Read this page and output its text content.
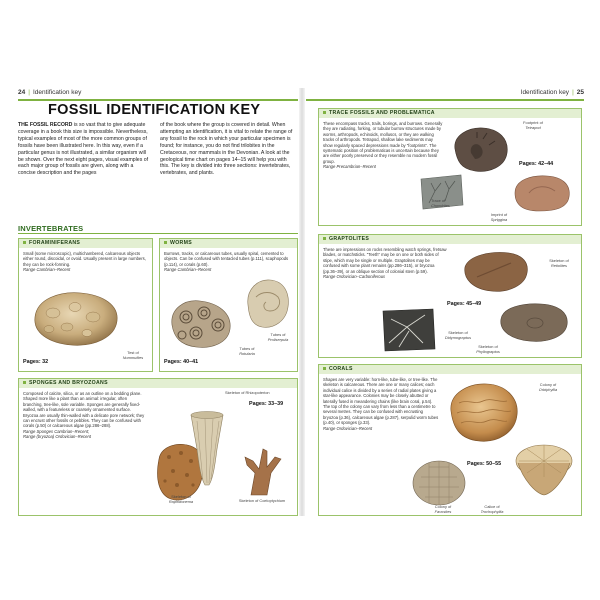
24 | Identification key
FOSSIL IDENTIFICATION KEY
THE FOSSIL RECORD is so vast that to give adequate coverage in a book this size is impossible. Nevertheless, typical examples of most of the more common groups of fossils have been illustrated here. In this way, even if a particular genus is not illustrated, a similar organism will be shown. Over the next eight pages, visual examples of each major group of fossils are given, along with a concise description and the pages
of the book where the group is covered in detail. When attempting an identification, it is vital to relate the range of any fossil to the rock in which your particular specimen is found; for instance, you do not find trilobites in the Cretaceous, nor mammals in the Devonian. A look at the geological time chart on pages 14–15 will help you with this. The key is divided into three sections: invertebrates, vertebrates, and plants.
INVERTEBRATES
FORAMINIFERANS
Small (some microscopic), multichambered, calcareous objects either round, discoidal, or ovoid. Usually present in large numbers, they can be rock-forming.
Range Cambrian–Recent
Pages: 32
Test of
Nummulites
WORMS
Burrows, tracks, or calcareous tubes, usually spiral, cemented to objects. Can be confused with tentacled tubes (p.111), scaphopods (p.114), or corals (p.60).
Range Cambrian–Recent
Pages: 40–41
Tubes of
Rotularia
Tubes of
Proliserpula
SPONGES AND BRYOZOANS
Composed of calcite, silica, or as an outline on a bedding plane. Shaped more like a plant than an animal: irregular, often branching, tree-like, sole variable. Sponges are generally fixed-walled, with a featureless or coarsely ornamented surface. Bryozoa are usually thin-walled with a delicate pore network; they can encrust other fossils or pebbles. They can be confused with corals (p.50) or calcareous algae (pp.286–288).
Range Sponges Cambrian–Recent;
Range (bryozoa) Ordovician–Recent
Pages: 33–39
Skeleton of Rhizopoterion
Skeleton of
Raphidonema	Skeleton of Coeloptychium
Identification key | 25
TRACE FOSSILS AND PROBLEMATICA
These encompass tracks, trails, borings, and burrows. Generally they are radiating, forking, or tubular burrow structures made by worms, arthropods, echinoids, molluscs, or they are walking tracks of arthropods. Tetrapod, shallow lake sediments may show regularly spaced depressions made by "footprints". The systematic position of problematicas is uncertain because they are either poorly preserved or they resemble no modern fossil group.
Range Precambrian–Recent	Pages: 42–44
Footprint of
Tetrapod
Trace of
Chondrites
Imprint of
Spriggina
GRAPTOLITES
These are impressions on rocks resembling watch springs, fretsaw blades, or matchsticks. "Teeth" may be on one or both sides of stipe, which may be single or multiple. Graptolites may be confused with some plant remains (pp.286–315), or bryozoa (pp.36–39), or an oblique section of colonial stem (p.59).
Range Ordovician–Carboniferous
Pages: 45–49
Skeleton of
Retiolites
Skeleton of
Didymograptus
Skeleton of
Phyllograptus
CORALS
Shapes are very variable: horn-like, tube-like, or tree-like. The skeleton is calcareous. There are one or many calices; each individual calice is divided by a series of radial plates giving a star-like appearance. Colonies may be closely abutted or laterally fused in meandering chains (like brain coral, p.54). The top of the colony can vary from less than a centimetre to several metres. They can be confused with encrusting bryozoa (p.36), calcareous algae (p.287), serpulid worm tubes (p.40), or sponges (p.33).
Range Ordovician–Recent
Pages: 50–55
Colony of
Orbiphyllia
Colony of
Favosites
Calice of
Trochophyllia
